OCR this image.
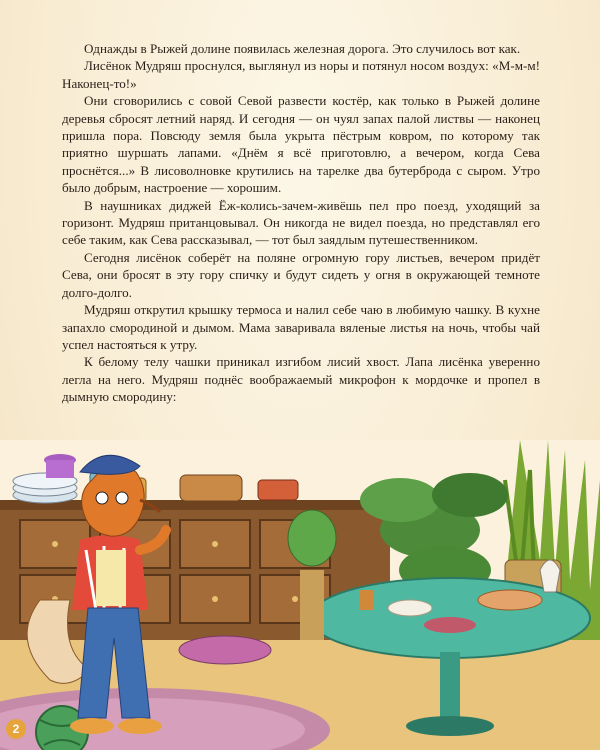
Однажды в Рыжей долине появилась железная дорога. Это случилось вот как.

Лисёнок Мудряш проснулся, выглянул из норы и потянул носом воздух: «М-м-м! Наконец-то!»

Они сговорились с совой Севой развести костёр, как только в Рыжей долине деревья сбросят летний наряд. И сегодня — он чуял запах палой листвы — наконец пришла пора. Повсюду земля была укрыта пёстрым ковром, по которому так приятно шуршать лапами. «Днём я всё приготовлю, а вечером, когда Сева проснётся...» В лисоволновке крутились на тарелке два бутерброда с сыром. Утро было добрым, настроение — хорошим.

В наушниках диджей Ёж-колись-зачем-живёшь пел про поезд, уходящий за горизонт. Мудряш пританцовывал. Он никогда не видел поезда, но представлял его себе таким, как Сева рассказывал, — тот был заядлым путешественником.

Сегодня лисёнок соберёт на поляне огромную гору листьев, вечером придёт Сева, они бросят в эту гору спичку и будут сидеть у огня в окружающей темноте долго-долго.

Мудряш открутил крышку термоса и налил себе чаю в любимую чашку. В кухне запахло смородиной и дымом. Мама заваривала вяленые листья на ночь, чтобы чай успел настояться к утру.

К белому телу чашки приникал изгибом лисий хвост. Лапа лисёнка уверенно легла на него. Мудряш поднёс воображаемый микрофон к мордочке и пропел в дымную смородину:

2
